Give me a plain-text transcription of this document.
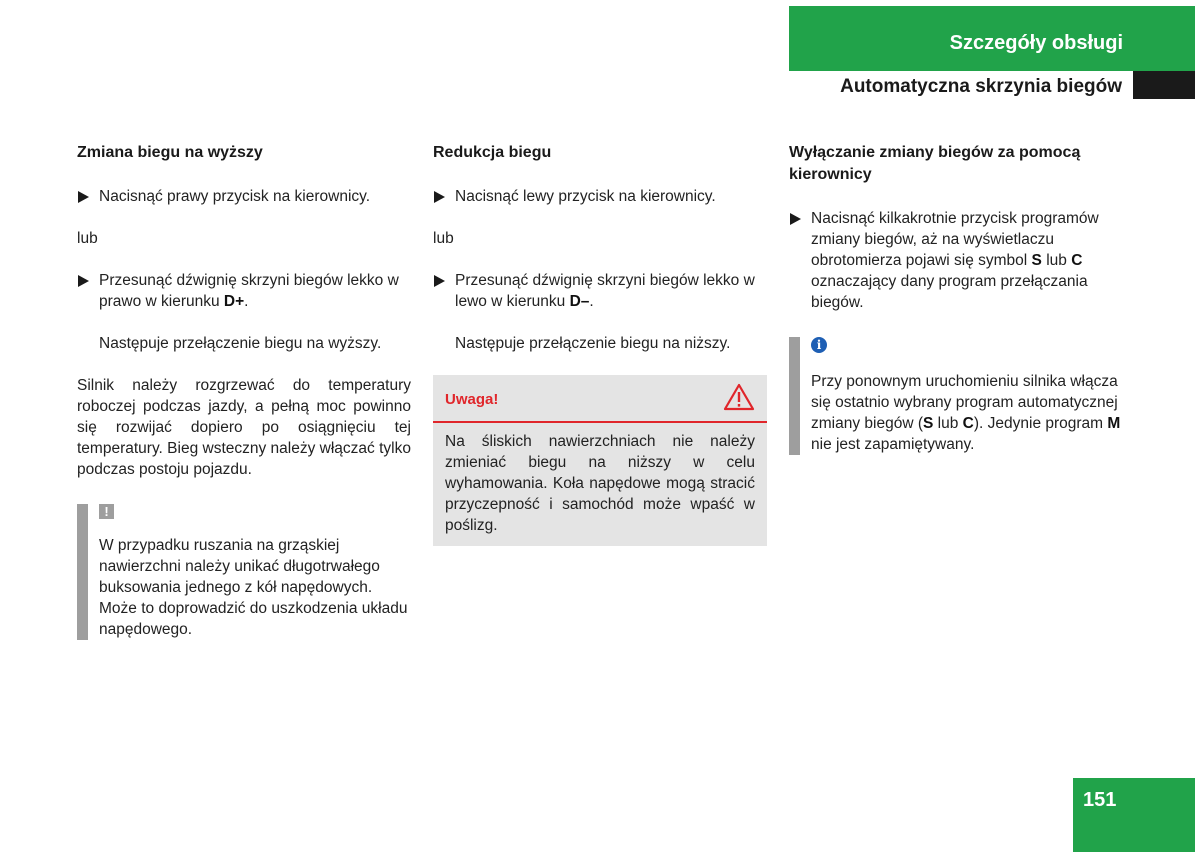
Szczegóły obsługi
Automatyczna skrzynia biegów
Zmiana biegu na wyższy
Nacisnąć prawy przycisk na kierownicy.
lub
Przesunąć dźwignię skrzyni biegów lekko w prawo w kierunku D+.
Następuje przełączenie biegu na wyższy.

Silnik należy rozgrzewać do temperatury roboczej podczas jazdy, a pełną moc powinno się rozwijać dopiero po osiągnięciu tej temperatury. Bieg wsteczny należy włączać tylko podczas postoju pojazdu.

!

W przypadku ruszania na grząskiej nawierzchni należy unikać długotrwałego buksowania jednego z kół napędowych. Może to doprowadzić do uszkodzenia układu napędowego.

Redukcja biegu
Nacisnąć lewy przycisk na kierownicy.
lub
Przesunąć dźwignię skrzyni biegów lekko w lewo w kierunku D–.
Następuje przełączenie biegu na niższy.
Uwaga!

Na śliskich nawierzchniach nie należy zmieniać biegu na niższy w celu wyhamowania. Koła napędowe mogą stracić przyczepność i samochód może wpaść w poślizg.

Wyłączanie zmiany biegów za pomocą kierownicy
Nacisnąć kilkakrotnie przycisk programów zmiany biegów, aż na wyświetlaczu obrotomierza pojawi się symbol S lub C oznaczający dany program przełączania biegów.
i

Przy ponownym uruchomieniu silnika włącza się ostatnio wybrany program automatycznej zmiany biegów (S lub C). Jedynie program M nie jest zapamiętywany.

151
